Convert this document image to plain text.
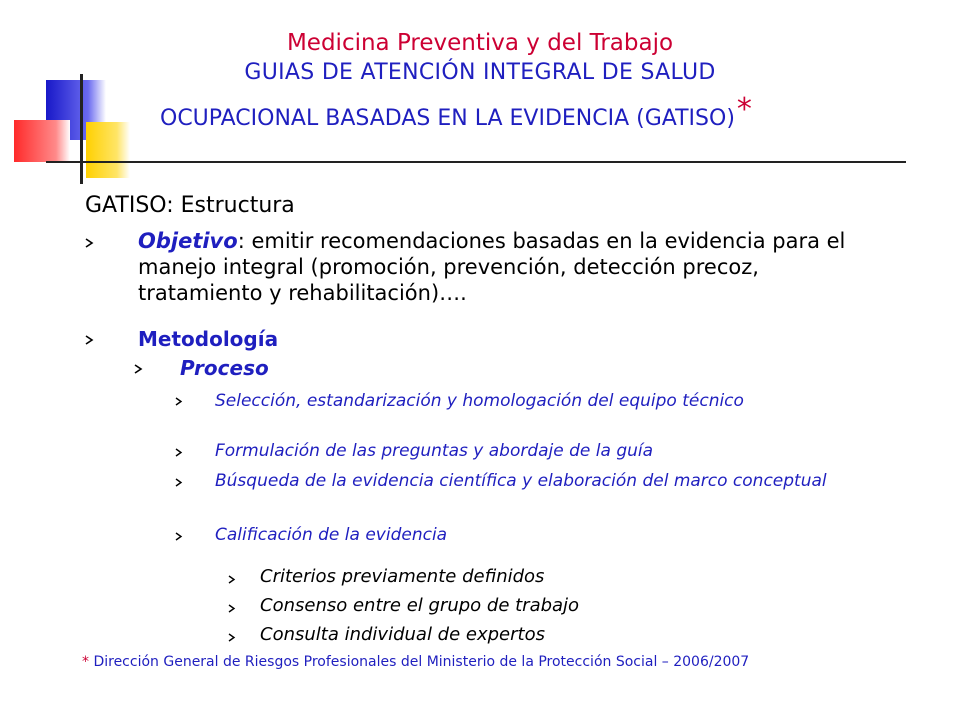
Medicina Preventiva y del Trabajo
GUIAS DE ATENCIÓN INTEGRAL DE SALUD
OCUPACIONAL BASADAS EN LA EVIDENCIA (GATISO)*
GATISO: Estructura
Objetivo: emitir recomendaciones basadas en la evidencia para el manejo integral (promoción, prevención, detección precoz, tratamiento y rehabilitación)….
Metodología
Proceso
Selección, estandarización y homologación del equipo técnico
Formulación de las preguntas y abordaje de la guía
Búsqueda de la evidencia científica y elaboración del marco conceptual
Calificación de la evidencia
Criterios previamente definidos
Consenso entre el grupo de trabajo
Consulta individual de expertos
* Dirección General de Riesgos Profesionales del Ministerio de la Protección Social – 2006/2007
